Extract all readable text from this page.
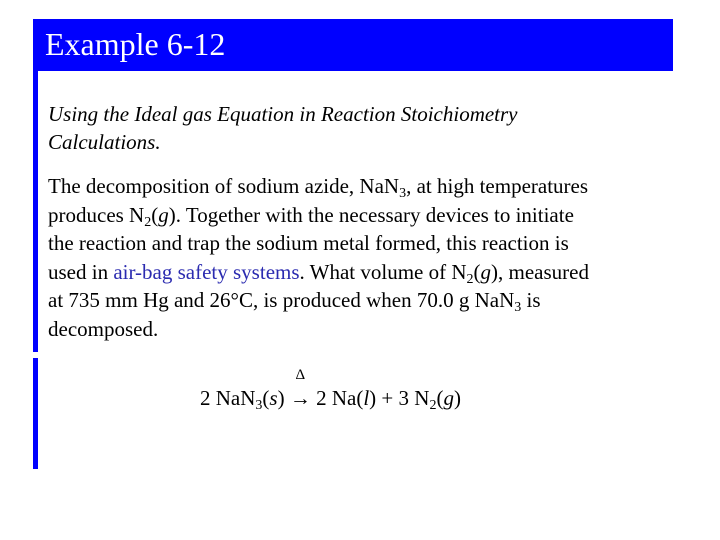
Example 6-12
Using the Ideal gas Equation in Reaction Stoichiometry
Calculations.
The decomposition of sodium azide, NaN$_3$, at high temperatures
produces $N_2(g)$. Together with the necessary devices to initiate
the reaction and trap the sodium metal formed, this reaction is
used in air-bag safety systems. What volume of $N_2(g)$, measured
at 735 mm Hg and 26°C, is produced when 70.0 g NaN$_3$ is
decomposed.
2 NaN$_3$(s)
Δ
→ 2 Na(l) + 3 $N_2(g)$
